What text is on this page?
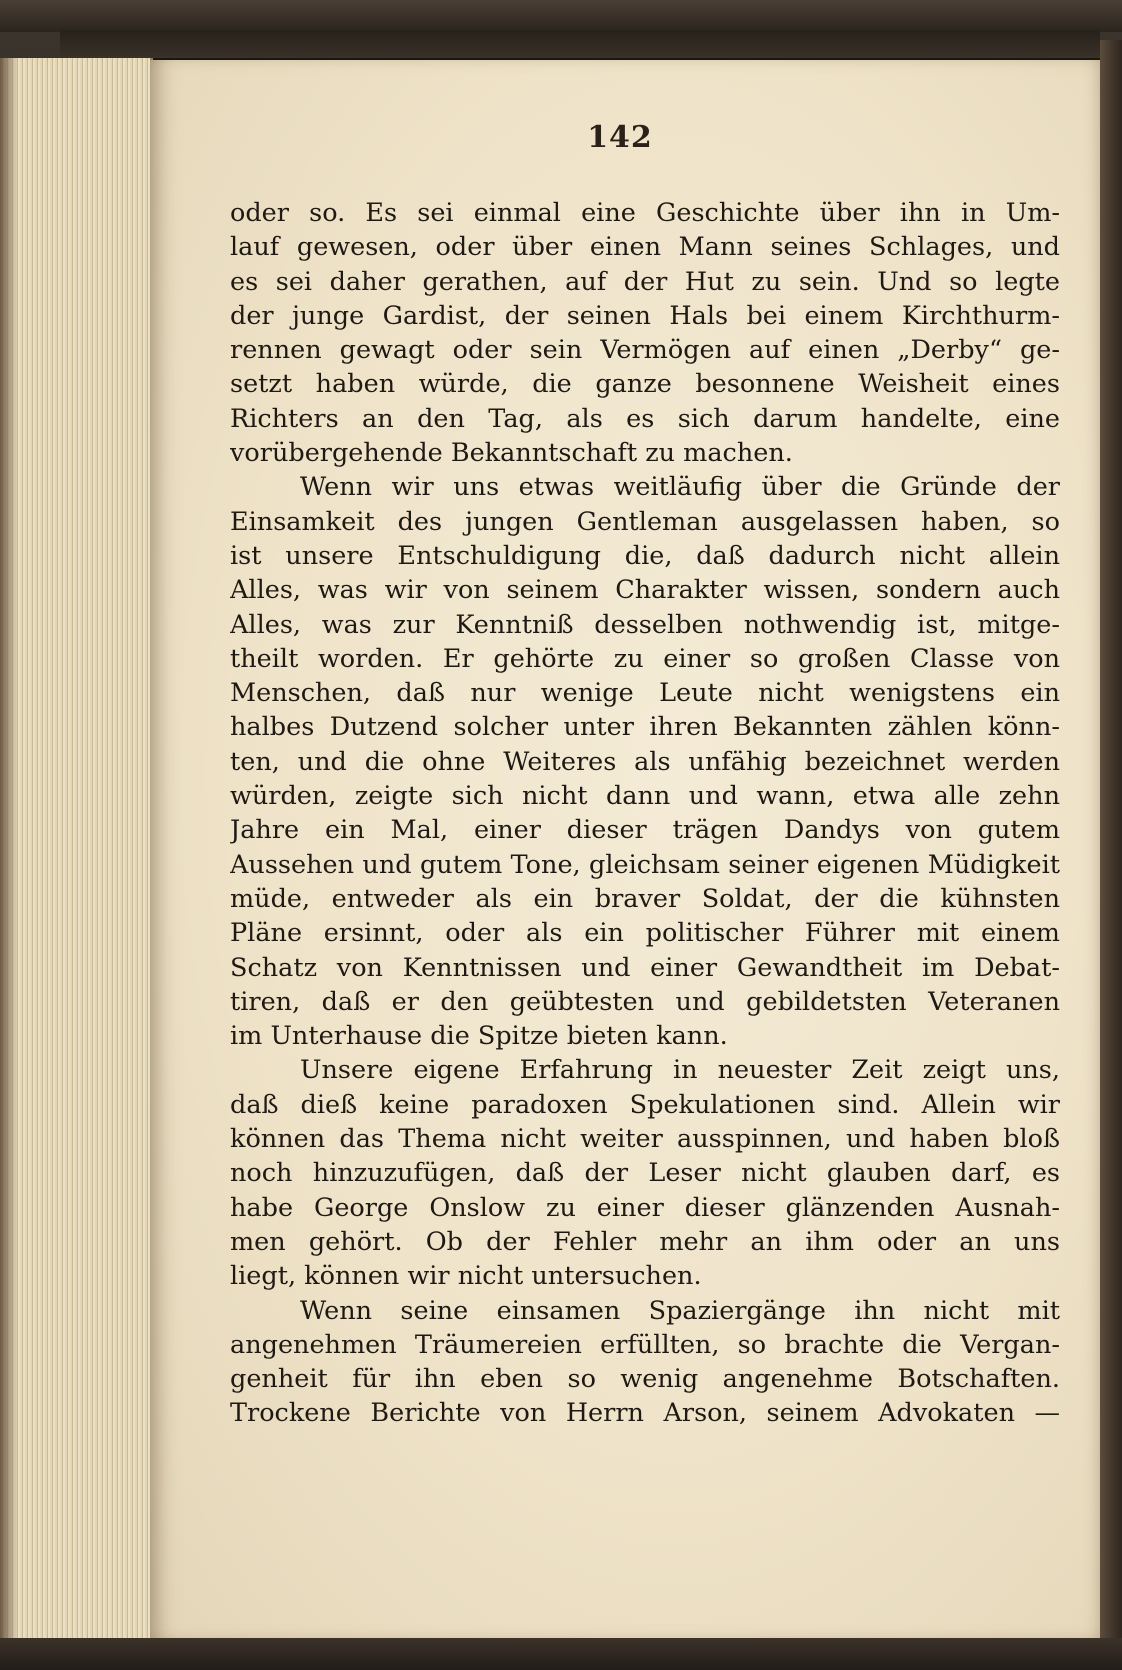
142
oder so. Es sei einmal eine Geschichte über ihn in Um-
lauf gewesen, oder über einen Mann seines Schlages, und
es sei daher gerathen, auf der Hut zu sein. Und so legte
der junge Gardist, der seinen Hals bei einem Kirchthurm-
rennen gewagt oder sein Vermögen auf einen „Derby“ ge-
setzt haben würde, die ganze besonnene Weisheit eines
Richters an den Tag, als es sich darum handelte, eine
vorübergehende Bekanntschaft zu machen.
Wenn wir uns etwas weitläufig über die Gründe der
Einsamkeit des jungen Gentleman ausgelassen haben, so
ist unsere Entschuldigung die, daß dadurch nicht allein
Alles, was wir von seinem Charakter wissen, sondern auch
Alles, was zur Kenntniß desselben nothwendig ist, mitge-
theilt worden. Er gehörte zu einer so großen Classe von
Menschen, daß nur wenige Leute nicht wenigstens ein
halbes Dutzend solcher unter ihren Bekannten zählen könn-
ten, und die ohne Weiteres als unfähig bezeichnet werden
würden, zeigte sich nicht dann und wann, etwa alle zehn
Jahre ein Mal, einer dieser trägen Dandys von gutem
Aussehen und gutem Tone, gleichsam seiner eigenen Müdigkeit
müde, entweder als ein braver Soldat, der die kühnsten
Pläne ersinnt, oder als ein politischer Führer mit einem
Schatz von Kenntnissen und einer Gewandtheit im Debat-
tiren, daß er den geübtesten und gebildetsten Veteranen
im Unterhause die Spitze bieten kann.
Unsere eigene Erfahrung in neuester Zeit zeigt uns,
daß dieß keine paradoxen Spekulationen sind. Allein wir
können das Thema nicht weiter ausspinnen, und haben bloß
noch hinzuzufügen, daß der Leser nicht glauben darf, es
habe George Onslow zu einer dieser glänzenden Ausnah-
men gehört. Ob der Fehler mehr an ihm oder an uns
liegt, können wir nicht untersuchen.
Wenn seine einsamen Spaziergänge ihn nicht mit
angenehmen Träumereien erfüllten, so brachte die Vergan-
genheit für ihn eben so wenig angenehme Botschaften.
Trockene Berichte von Herrn Arson, seinem Advokaten —
